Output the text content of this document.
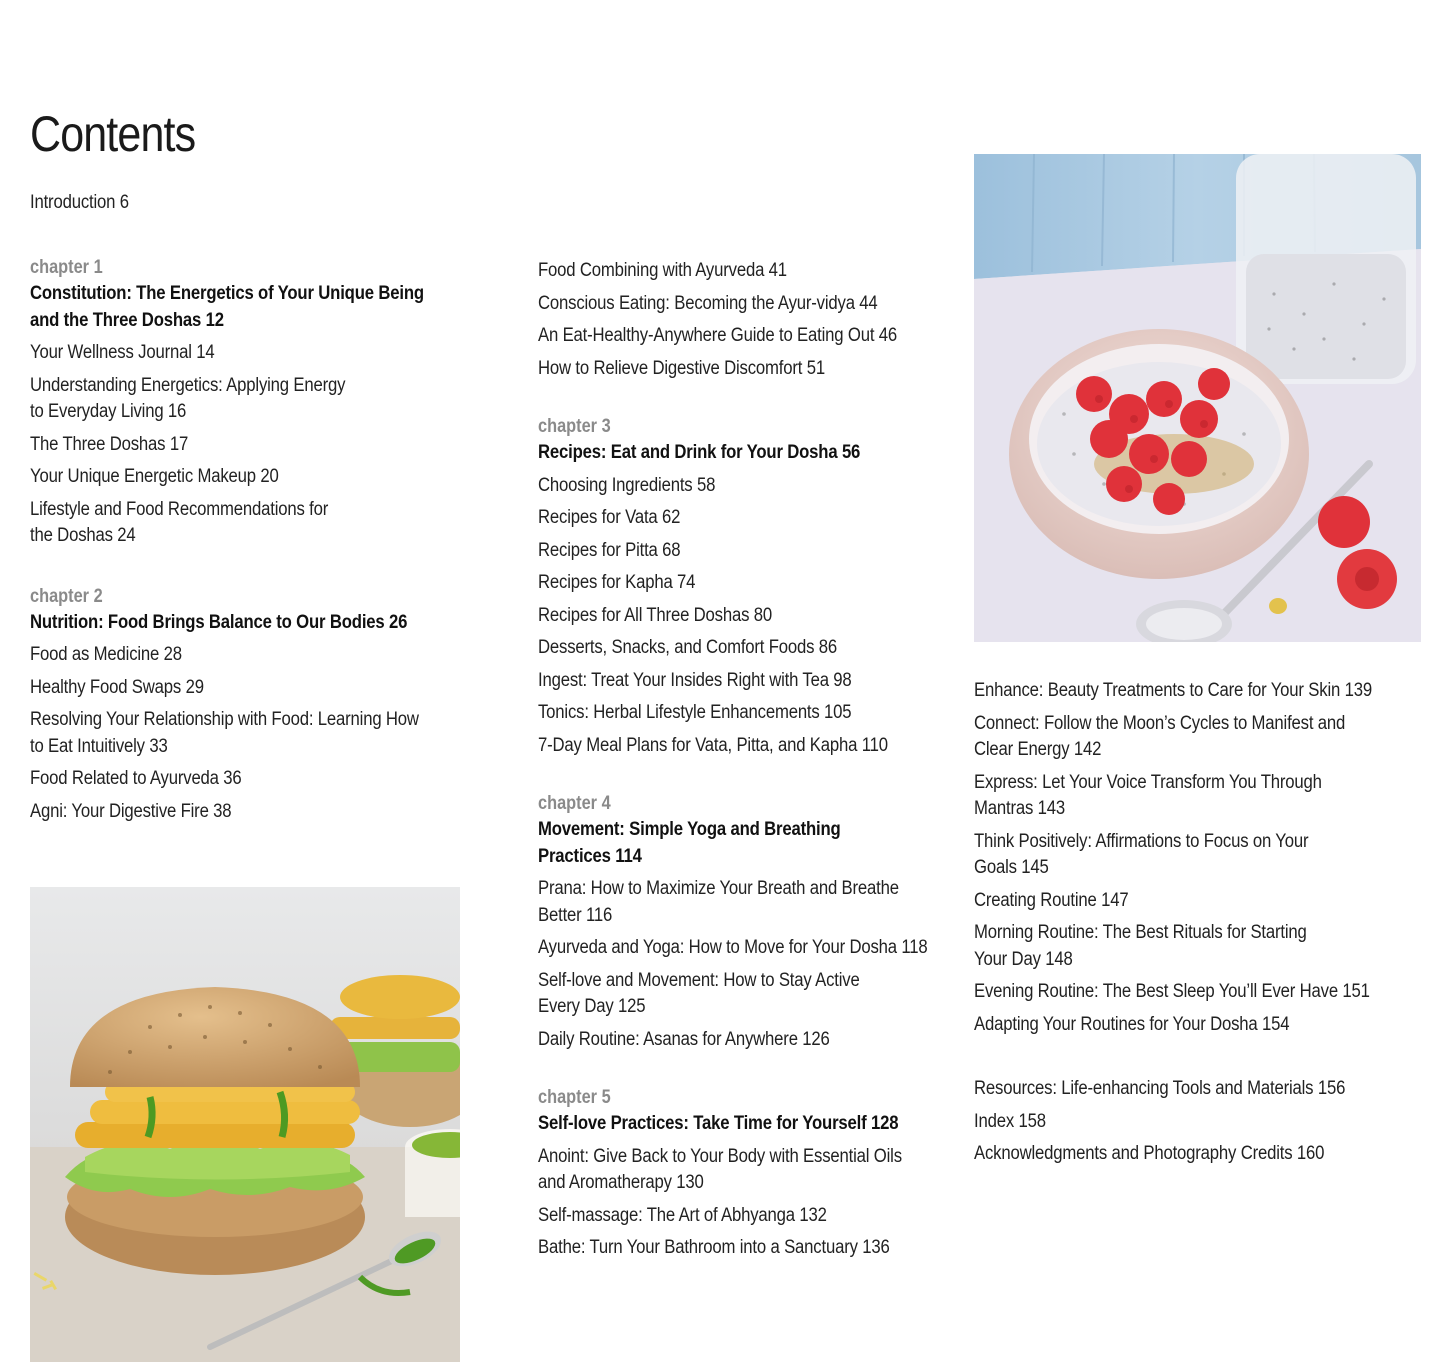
Contents
Introduction 6
chapter 1
Constitution: The Energetics of Your Unique Being
and the Three Doshas 12
Your Wellness Journal 14
Understanding Energetics: Applying Energy
to Everyday Living 16
The Three Doshas 17
Your Unique Energetic Makeup 20
Lifestyle and Food Recommendations for
the Doshas 24
chapter 2
Nutrition: Food Brings Balance to Our Bodies 26
Food as Medicine 28
Healthy Food Swaps 29
Resolving Your Relationship with Food: Learning How
to Eat Intuitively 33
Food Related to Ayurveda 36
Agni: Your Digestive Fire 38
Food Combining with Ayurveda 41
Conscious Eating: Becoming the Ayur-vidya 44
An Eat-Healthy-Anywhere Guide to Eating Out 46
How to Relieve Digestive Discomfort 51
chapter 3
Recipes: Eat and Drink for Your Dosha 56
Choosing Ingredients 58
Recipes for Vata 62
Recipes for Pitta 68
Recipes for Kapha 74
Recipes for All Three Doshas 80
Desserts, Snacks, and Comfort Foods 86
Ingest: Treat Your Insides Right with Tea 98
Tonics: Herbal Lifestyle Enhancements 105
7-Day Meal Plans for Vata, Pitta, and Kapha 110
chapter 4
Movement: Simple Yoga and Breathing
Practices 114
Prana: How to Maximize Your Breath and Breathe
Better 116
Ayurveda and Yoga: How to Move for Your Dosha 118
Self-love and Movement: How to Stay Active
Every Day 125
Daily Routine: Asanas for Anywhere 126
chapter 5
Self-love Practices: Take Time for Yourself 128
Anoint: Give Back to Your Body with Essential Oils
and Aromatherapy 130
Self-massage: The Art of Abhyanga 132
Bathe: Turn Your Bathroom into a Sanctuary 136
Enhance: Beauty Treatments to Care for Your Skin 139
Connect: Follow the Moon’s Cycles to Manifest and
Clear Energy 142
Express: Let Your Voice Transform You Through
Mantras 143
Think Positively: Affirmations to Focus on Your
Goals 145
Creating Routine 147
Morning Routine: The Best Rituals for Starting
Your Day 148
Evening Routine: The Best Sleep You’ll Ever Have 151
Adapting Your Routines for Your Dosha 154
Resources: Life-enhancing Tools and Materials 156
Index 158
Acknowledgments and Photography Credits 160
